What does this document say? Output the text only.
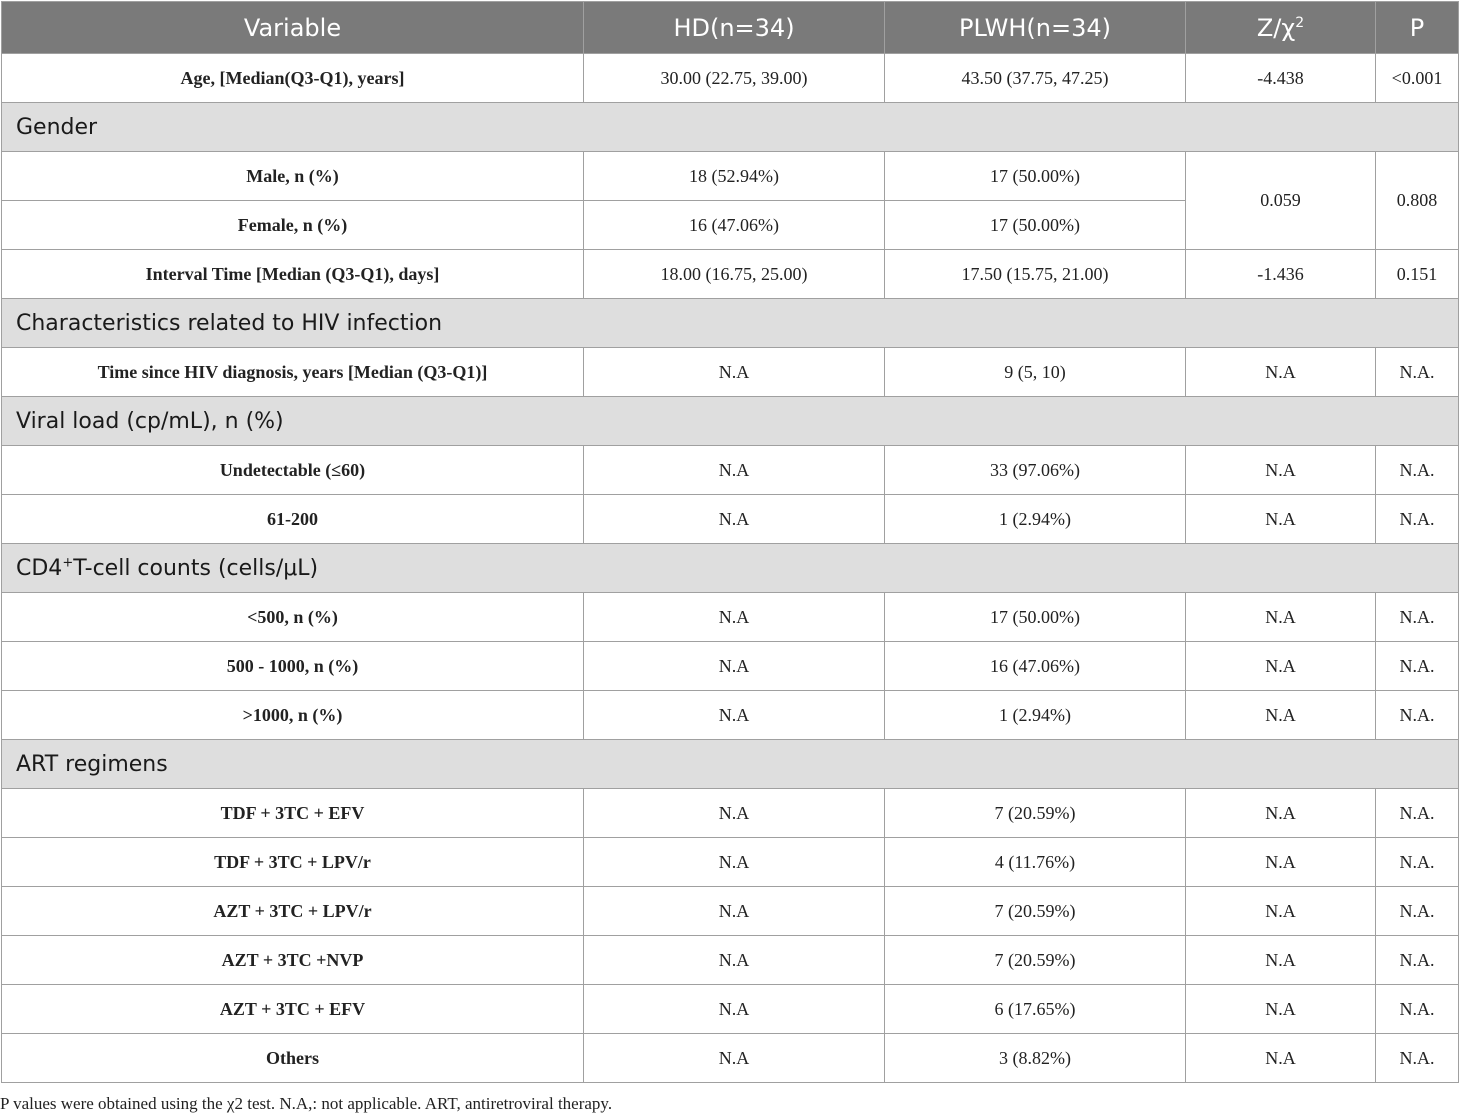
Variable	HD(n=34)	PLWH(n=34)	$Z/\chi^2$	P
Age, [Median(Q3-Q1), years]	30.00 (22.75, 39.00)	43.50 (37.75, 47.25)	-4.438	<0.001
Gender				
Male, n (%)	18 (52.94%)	17 (50.00%)	0.059	0.808
Female, n (%)	16 (47.06%)	17 (50.00%)		
Interval Time [Median (Q3-Q1), days]	18.00 (16.75, 25.00)	17.50 (15.75, 21.00)	-1.436	0.151
Characteristics related to HIV infection				
Time since HIV diagnosis, years [Median (Q3-Q1)]	N.A	9 (5, 10)	N.A	N.A.
Viral load (cp/mL), n (%)				
Undetectable (≤60)	N.A	33 (97.06%)	N.A	N.A.
61-200	N.A	1 (2.94%)	N.A	N.A.
CD4+T-cell counts (cells/μL)				
<500, n (%)	N.A	17 (50.00%)	N.A	N.A.
500 - 1000, n (%)	N.A	16 (47.06%)	N.A	N.A.
>1000, n (%)	N.A	1 (2.94%)	N.A	N.A.
ART regimens				
TDF + 3TC + EFV	N.A	7 (20.59%)	N.A	N.A.
TDF + 3TC + LPV/r	N.A	4 (11.76%)	N.A	N.A.
AZT + 3TC + LPV/r	N.A	7 (20.59%)	N.A	N.A.
AZT + 3TC +NVP	N.A	7 (20.59%)	N.A	N.A.
AZT + 3TC + EFV	N.A	6 (17.65%)	N.A	N.A.
Others	N.A	3 (8.82%)	N.A	N.A.
P values were obtained using the χ2 test. N.A,: not applicable. ART, antiretroviral therapy.
